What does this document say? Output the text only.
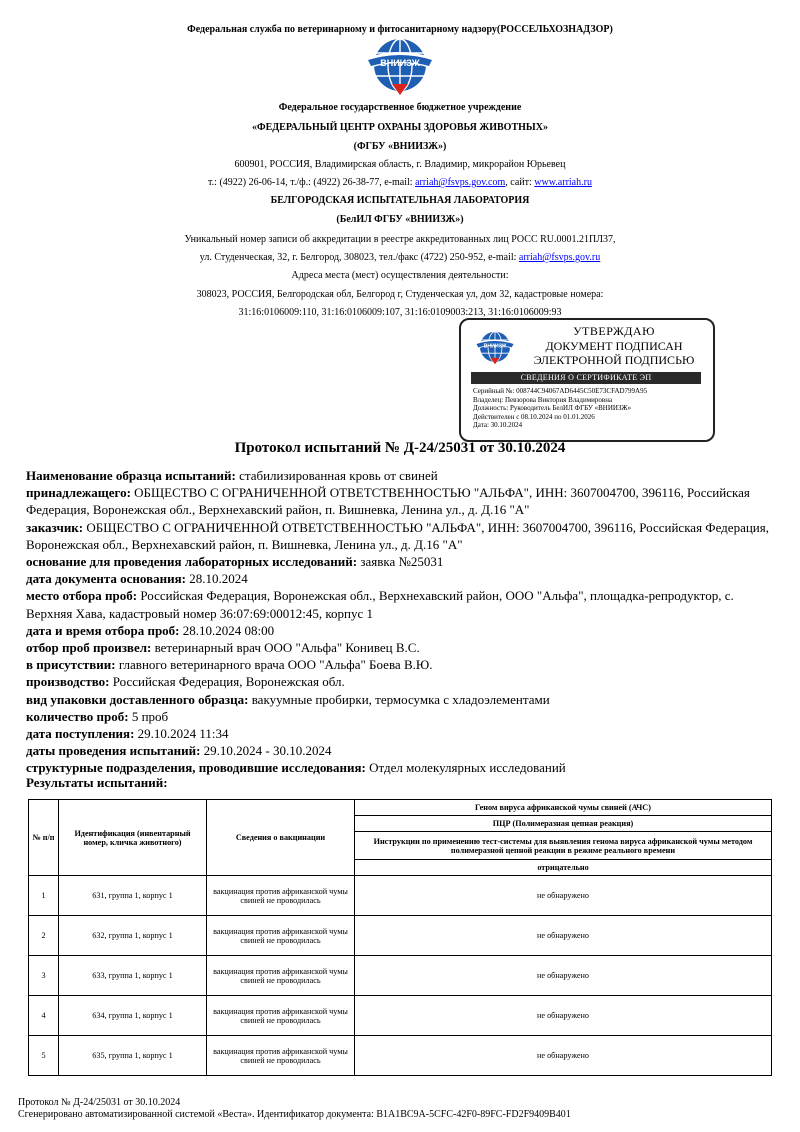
Федеральная служба по ветеринарному и фитосанитарному надзору(РОССЕЛЬХОЗНАДЗОР)
ВНИИЗЖ
Федеральное государственное бюджетное учреждение
«ФЕДЕРАЛЬНЫЙ ЦЕНТР ОХРАНЫ ЗДОРОВЬЯ ЖИВОТНЫХ»
(ФГБУ «ВНИИЗЖ»)
600901, РОССИЯ, Владимирская область, г. Владимир, микрорайон Юрьевец
т.: (4922) 26-06-14, т./ф.: (4922) 26-38-77, e-mail: arriah@fsvps.gov.com, сайт: www.arriah.ru
БЕЛГОРОДСКАЯ ИСПЫТАТЕЛЬНАЯ ЛАБОРАТОРИЯ
(БелИЛ ФГБУ «ВНИИЗЖ»)
Уникальный номер записи об аккредитации в реестре аккредитованных лиц РОСС RU.0001.21ПЛ37,
ул. Студенческая, 32, г. Белгород, 308023, тел./факс (4722) 250-952, e-mail: arriah@fsvps.gov.ru
Адреса места (мест) осуществления деятельности:
308023, РОССИЯ, Белгородская обл, Белгород г, Студенческая ул, дом 32, кадастровые номера:
31:16:0106009:110, 31:16:0106009:107, 31:16:0109003:213, 31:16:0106009:93
ВНИИЗЖ
УТВЕРЖДАЮ
ДОКУМЕНТ ПОДПИСАН
ЭЛЕКТРОННОЙ ПОДПИСЬЮ
СВЕДЕНИЯ О СЕРТИФИКАТЕ ЭП
Серийный №: 008744C94067AD6445C50E73CFAD799A95
Владелец: Певзорова Виктория Владимировна
Должность: Руководитель БелИЛ ФГБУ «ВНИИЗЖ»
Действителен с 08.10.2024 по 01.01.2026
Дата: 30.10.2024
Протокол испытаний № Д-24/25031 от 30.10.2024

Наименование образца испытаний: стабилизированная кровь от свиней

принадлежащего: ОБЩЕСТВО С ОГРАНИЧЕННОЙ ОТВЕТСТВЕННОСТЬЮ "АЛЬФА", ИНН: 3607004700, 396116, Российская Федерация, Воронежская обл., Верхнехавский район, п. Вишневка, Ленина ул., д. Д.16 "А"

заказчик: ОБЩЕСТВО С ОГРАНИЧЕННОЙ ОТВЕТСТВЕННОСТЬЮ "АЛЬФА", ИНН: 3607004700, 396116, Российская Федерация, Воронежская обл., Верхнехавский район, п. Вишневка, Ленина ул., д. Д.16 "А"

основание для проведения лабораторных исследований: заявка №25031

дата документа основания: 28.10.2024

место отбора проб: Российская Федерация, Воронежская обл., Верхнехавский район, ООО "Альфа", площадка-репродуктор, с. Верхняя Хава, кадастровый номер 36:07:69:00012:45, корпус 1

дата и время отбора проб: 28.10.2024 08:00

отбор проб произвел: ветеринарный врач ООО "Альфа" Конивец В.С.

в присутствии: главного ветеринарного врача ООО "Альфа" Боева В.Ю.

производство: Российская Федерация, Воронежская обл.

вид упаковки доставленного образца: вакуумные пробирки, термосумка с хладоэлементами

количество проб: 5 проб

дата поступления: 29.10.2024 11:34

даты проведения испытаний: 29.10.2024 - 30.10.2024

структурные подразделения, проводившие исследования: Отдел молекулярных исследований

Результаты испытаний:
№ п/п	Идентификация (инвентарный номер, кличка животного)	Сведения о вакцинации	Геном вируса африканской чумы свиней (АЧС)
			ПЦР (Полимеразная цепная реакция)
			Инструкции по применению тест-системы для выявления генома вируса африканской чумы методом полимеразной цепной реакции в режиме реального времени
			отрицательно
1	631, группа 1, корпус 1	вакцинация против африканской чумы свиней не проводилась	не обнаружено
2	632, группа 1, корпус 1	вакцинация против африканской чумы свиней не проводилась	не обнаружено
3	633, группа 1, корпус 1	вакцинация против африканской чумы свиней не проводилась	не обнаружено
4	634, группа 1, корпус 1	вакцинация против африканской чумы свиней не проводилась	не обнаружено
5	635, группа 1, корпус 1	вакцинация против африканской чумы свиней не проводилась	не обнаружено
Протокол № Д-24/25031 от 30.10.2024
Сгенерировано автоматизированной системой «Веста». Идентификатор документа: B1A1BC9A-5CFC-42F0-89FC-FD2F9409B401
